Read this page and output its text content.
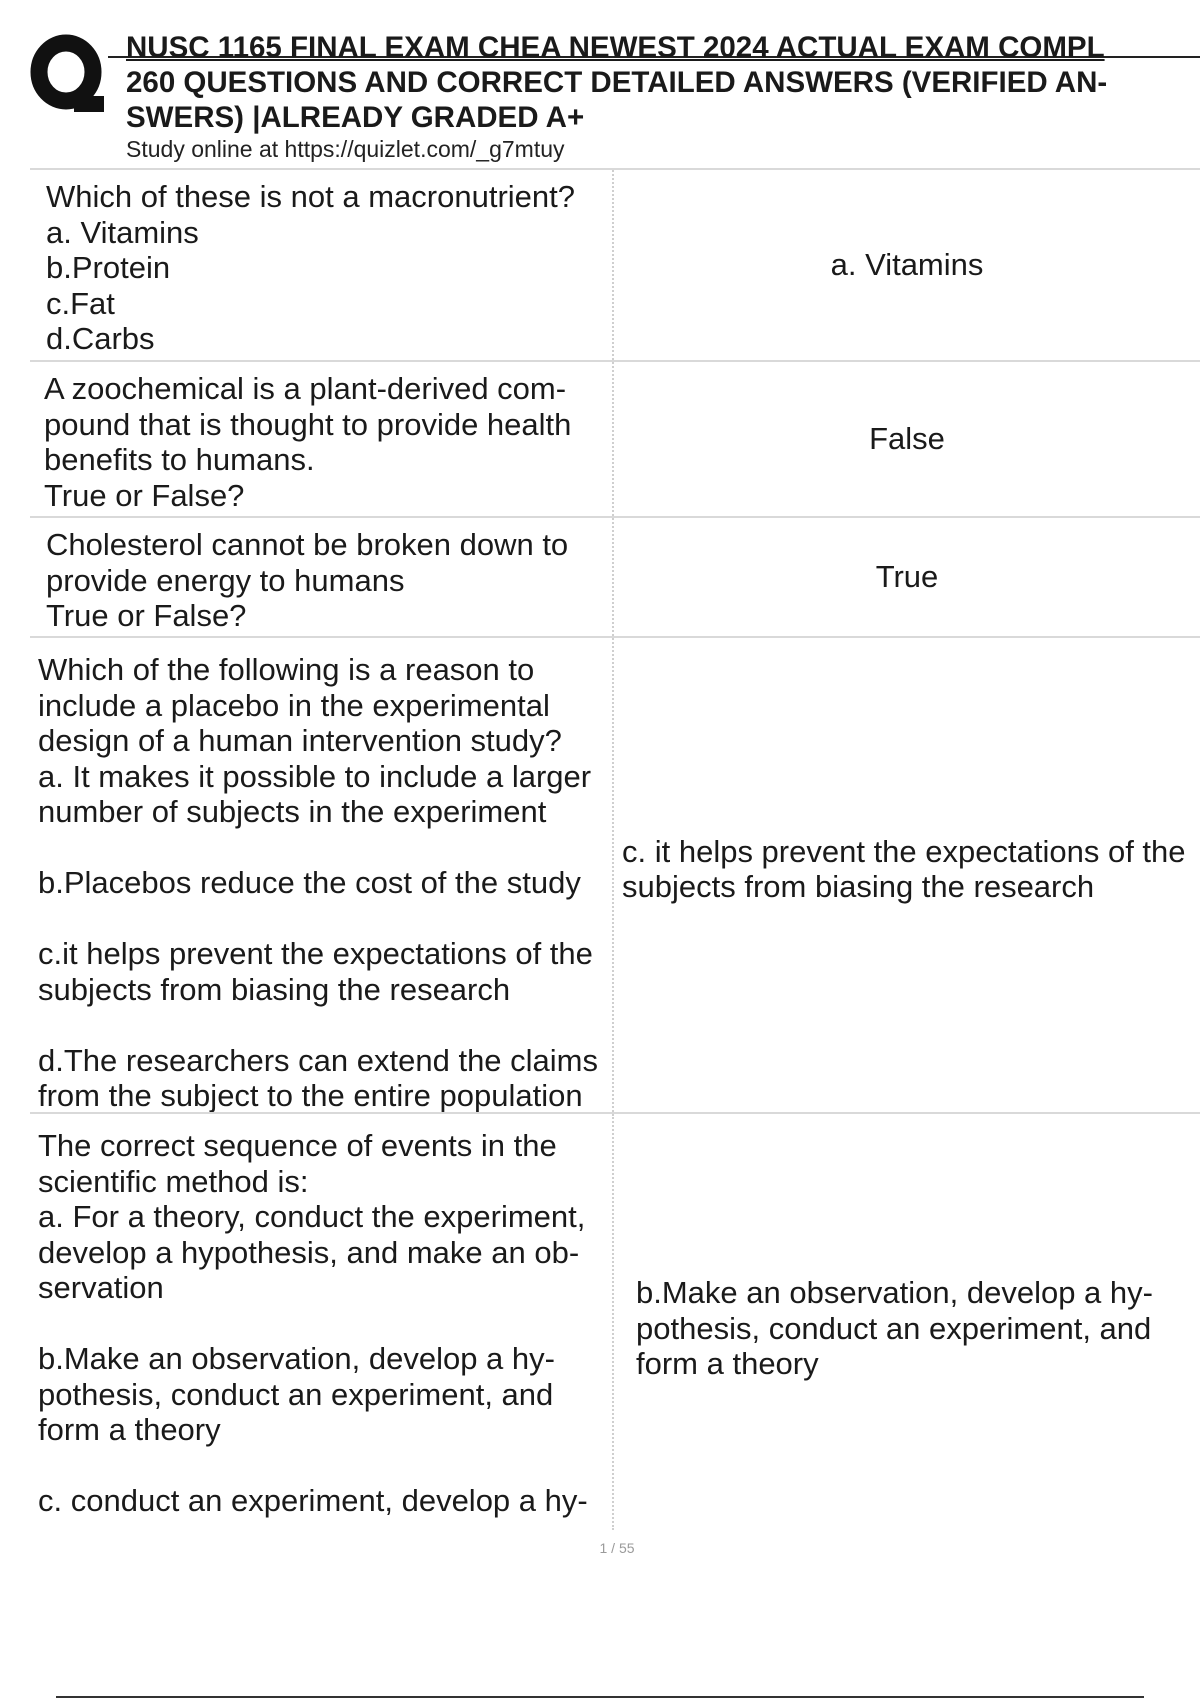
NUSC 1165 FINAL EXAM CHEA NEWEST 2024 ACTUAL EXAM COMPL
260 QUESTIONS AND CORRECT DETAILED ANSWERS (VERIFIED AN-
SWERS) |ALREADY GRADED A+
Study online at https://quizlet.com/_g7mtuy
Which of these is not a macronutrient?
a. Vitamins
b.Protein
c.Fat
d.Carbs
a. Vitamins
A zoochemical is a plant-derived com-
pound that is thought to provide health
benefits to humans.
True or False?
False
Cholesterol cannot be broken down to
provide energy to humans
True or False?
True
Which of the following is a reason to
include a placebo in the experimental
design of a human intervention study?
a. It makes it possible to include a larger
number of subjects in the experiment

b.Placebos reduce the cost of the study

c.it helps prevent the expectations of the
subjects from biasing the research

d.The researchers can extend the claims
from the subject to the entire population
c. it helps prevent the expectations of the
subjects from biasing the research
The correct sequence of events in the
scientific method is:
a. For a theory, conduct the experiment,
develop a hypothesis, and make an ob-
servation

b.Make an observation, develop a hy-
pothesis, conduct an experiment, and
form a theory

c. conduct an experiment, develop a hy-
b.Make an observation, develop a hy-
pothesis, conduct an experiment, and
form a theory
1 / 55
